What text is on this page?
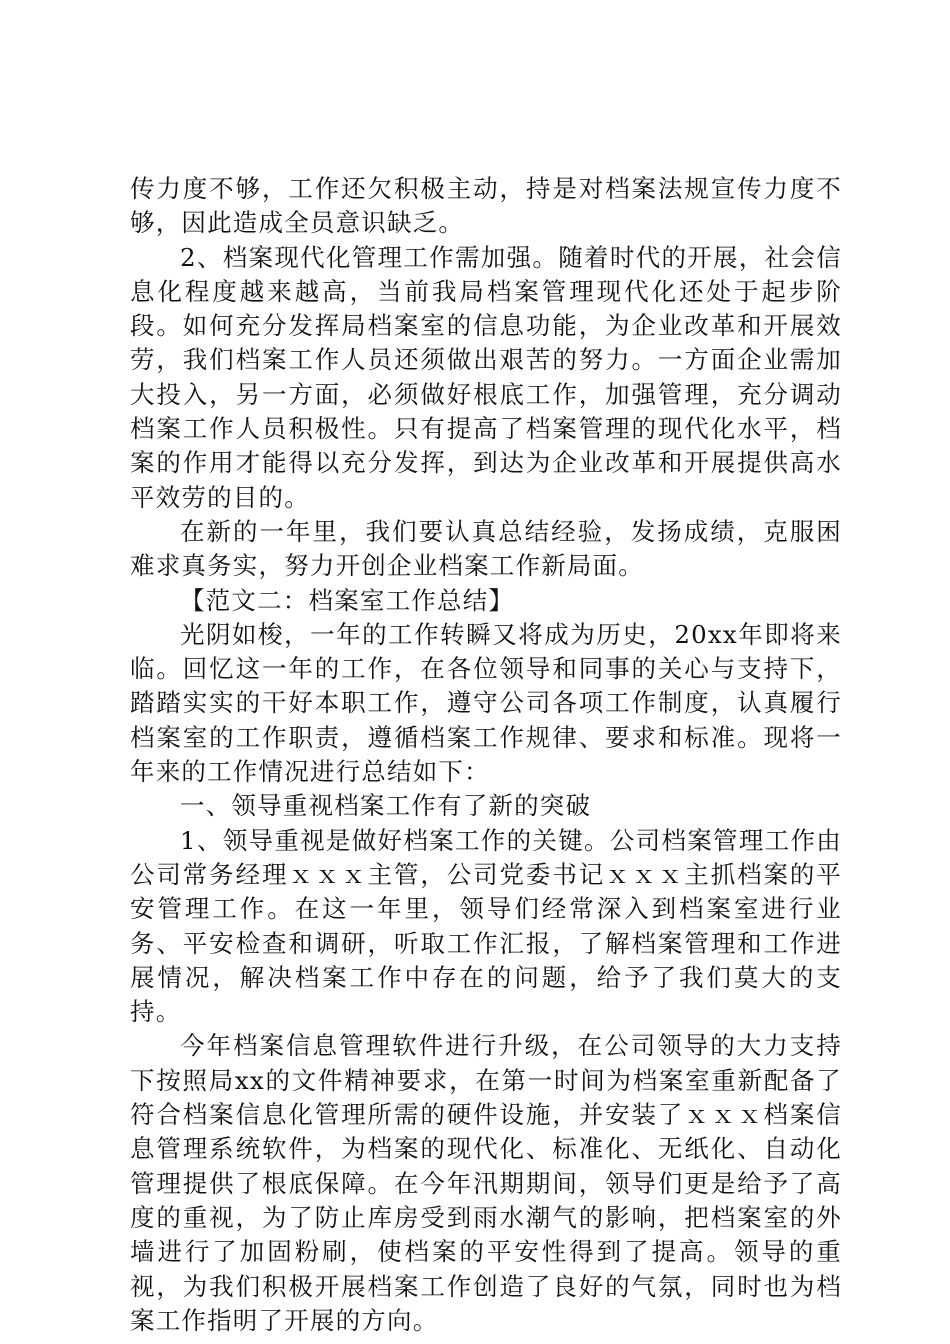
传力度不够，工作还欠积极主动，持是对档案法规宣传力度不够，因此造成全员意识缺乏。

2、档案现代化管理工作需加强。随着时代的开展，社会信息化程度越来越高，当前我局档案管理现代化还处于起步阶段。如何充分发挥局档案室的信息功能，为企业改革和开展效劳，我们档案工作人员还须做出艰苦的努力。一方面企业需加大投入，另一方面，必须做好根底工作，加强管理，充分调动档案工作人员积极性。只有提高了档案管理的现代化水平，档案的作用才能得以充分发挥，到达为企业改革和开展提供高水平效劳的目的。

在新的一年里，我们要认真总结经验，发扬成绩，克服困难求真务实，努力开创企业档案工作新局面。

【范文二：档案室工作总结】

光阴如梭，一年的工作转瞬又将成为历史，20xx年即将来临。回忆这一年的工作，在各位领导和同事的关心与支持下，踏踏实实的干好本职工作，遵守公司各项工作制度，认真履行档案室的工作职责，遵循档案工作规律、要求和标准。现将一年来的工作情况进行总结如下：

一、领导重视档案工作有了新的突破

1、领导重视是做好档案工作的关键。公司档案管理工作由公司常务经理ｘｘｘ主管，公司党委书记ｘｘｘ主抓档案的平安管理工作。在这一年里，领导们经常深入到档案室进行业务、平安检查和调研，听取工作汇报，了解档案管理和工作进展情况，解决档案工作中存在的问题，给予了我们莫大的支持。

今年档案信息管理软件进行升级，在公司领导的大力支持下按照局xx的文件精神要求，在第一时间为档案室重新配备了符合档案信息化管理所需的硬件设施，并安装了ｘｘｘ档案信息管理系统软件，为档案的现代化、标准化、无纸化、自动化管理提供了根底保障。在今年汛期期间，领导们更是给予了高度的重视，为了防止库房受到雨水潮气的影响，把档案室的外墙进行了加固粉刷，使档案的平安性得到了提高。领导的重视，为我们积极开展档案工作创造了良好的气氛，同时也为档案工作指明了开展的方向。
